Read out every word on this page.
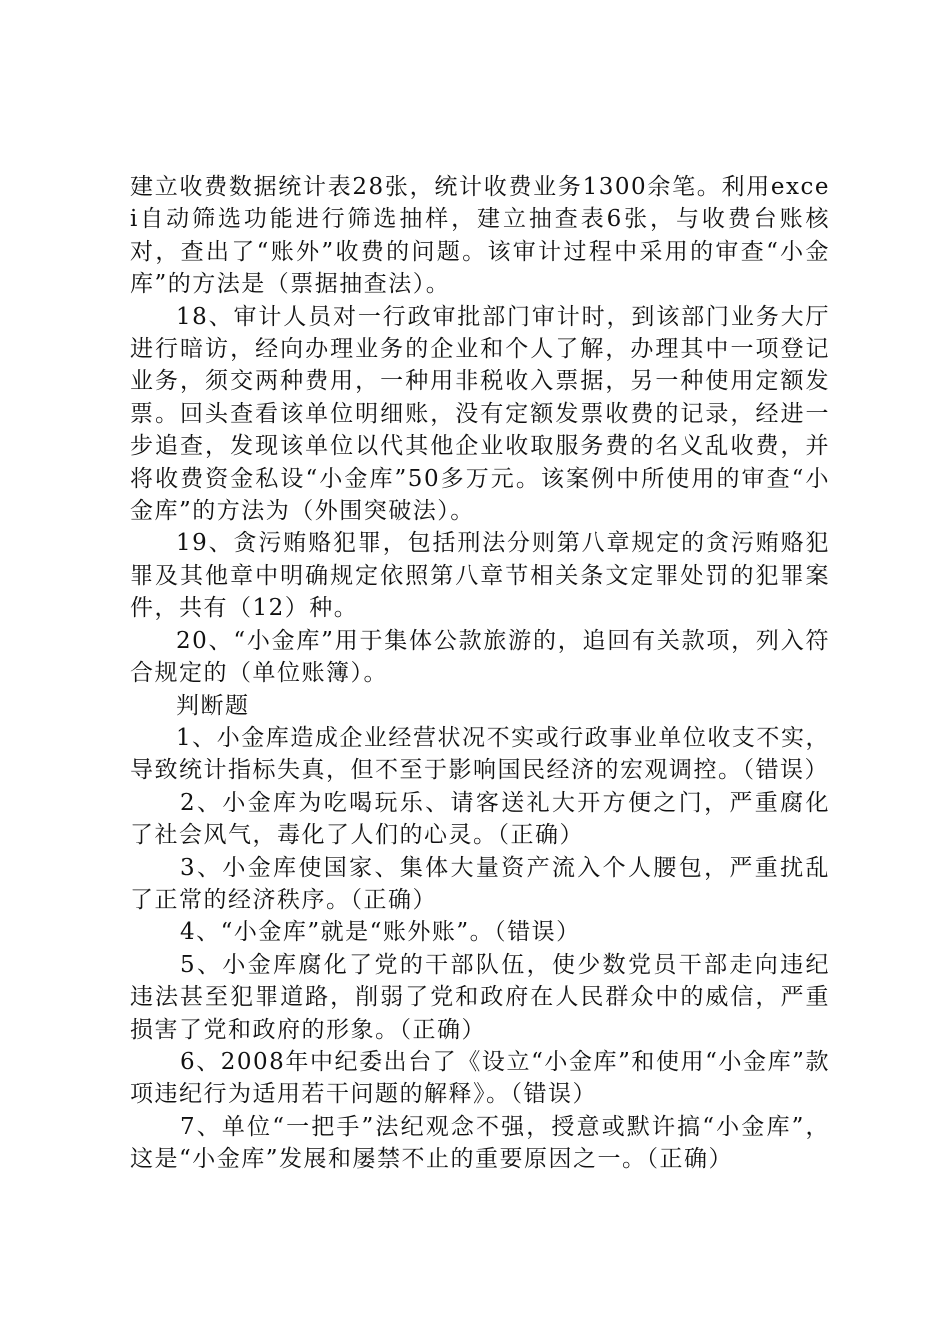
建立收费数据统计表28张，统计收费业务1300余笔。利用excei自动筛选功能进行筛选抽样，建立抽查表6张，与收费台账核对，查出了“账外”收费的问题。该审计过程中采用的审查“小金库”的方法是（票据抽查法）。

18、审计人员对一行政审批部门审计时，到该部门业务大厅进行暗访，经向办理业务的企业和个人了解，办理其中一项登记业务，须交两种费用，一种用非税收入票据，另一种使用定额发票。回头查看该单位明细账，没有定额发票收费的记录，经进一步追查，发现该单位以代其他企业收取服务费的名义乱收费，并将收费资金私设“小金库”50多万元。该案例中所使用的审查“小金库”的方法为（外围突破法）。

19、贪污贿赂犯罪，包括刑法分则第八章规定的贪污贿赂犯罪及其他章中明确规定依照第八章节相关条文定罪处罚的犯罪案件，共有（12）种。

20、“小金库”用于集体公款旅游的，追回有关款项，列入符合规定的（单位账簿）。

判断题

1、小金库造成企业经营状况不实或行政事业单位收支不实，导致统计指标失真，但不至于影响国民经济的宏观调控。（错误）

2、小金库为吃喝玩乐、请客送礼大开方便之门，严重腐化了社会风气，毒化了人们的心灵。（正确）

3、小金库使国家、集体大量资产流入个人腰包，严重扰乱了正常的经济秩序。（正确）

4、“小金库”就是“账外账”。（错误）

5、小金库腐化了党的干部队伍，使少数党员干部走向违纪违法甚至犯罪道路，削弱了党和政府在人民群众中的威信，严重损害了党和政府的形象。（正确）

6、2008年中纪委出台了《设立“小金库”和使用“小金库”款项违纪行为适用若干问题的解释》。（错误）

7、单位“一把手”法纪观念不强，授意或默许搞“小金库”，这是“小金库”发展和屡禁不止的重要原因之一。（正确）
